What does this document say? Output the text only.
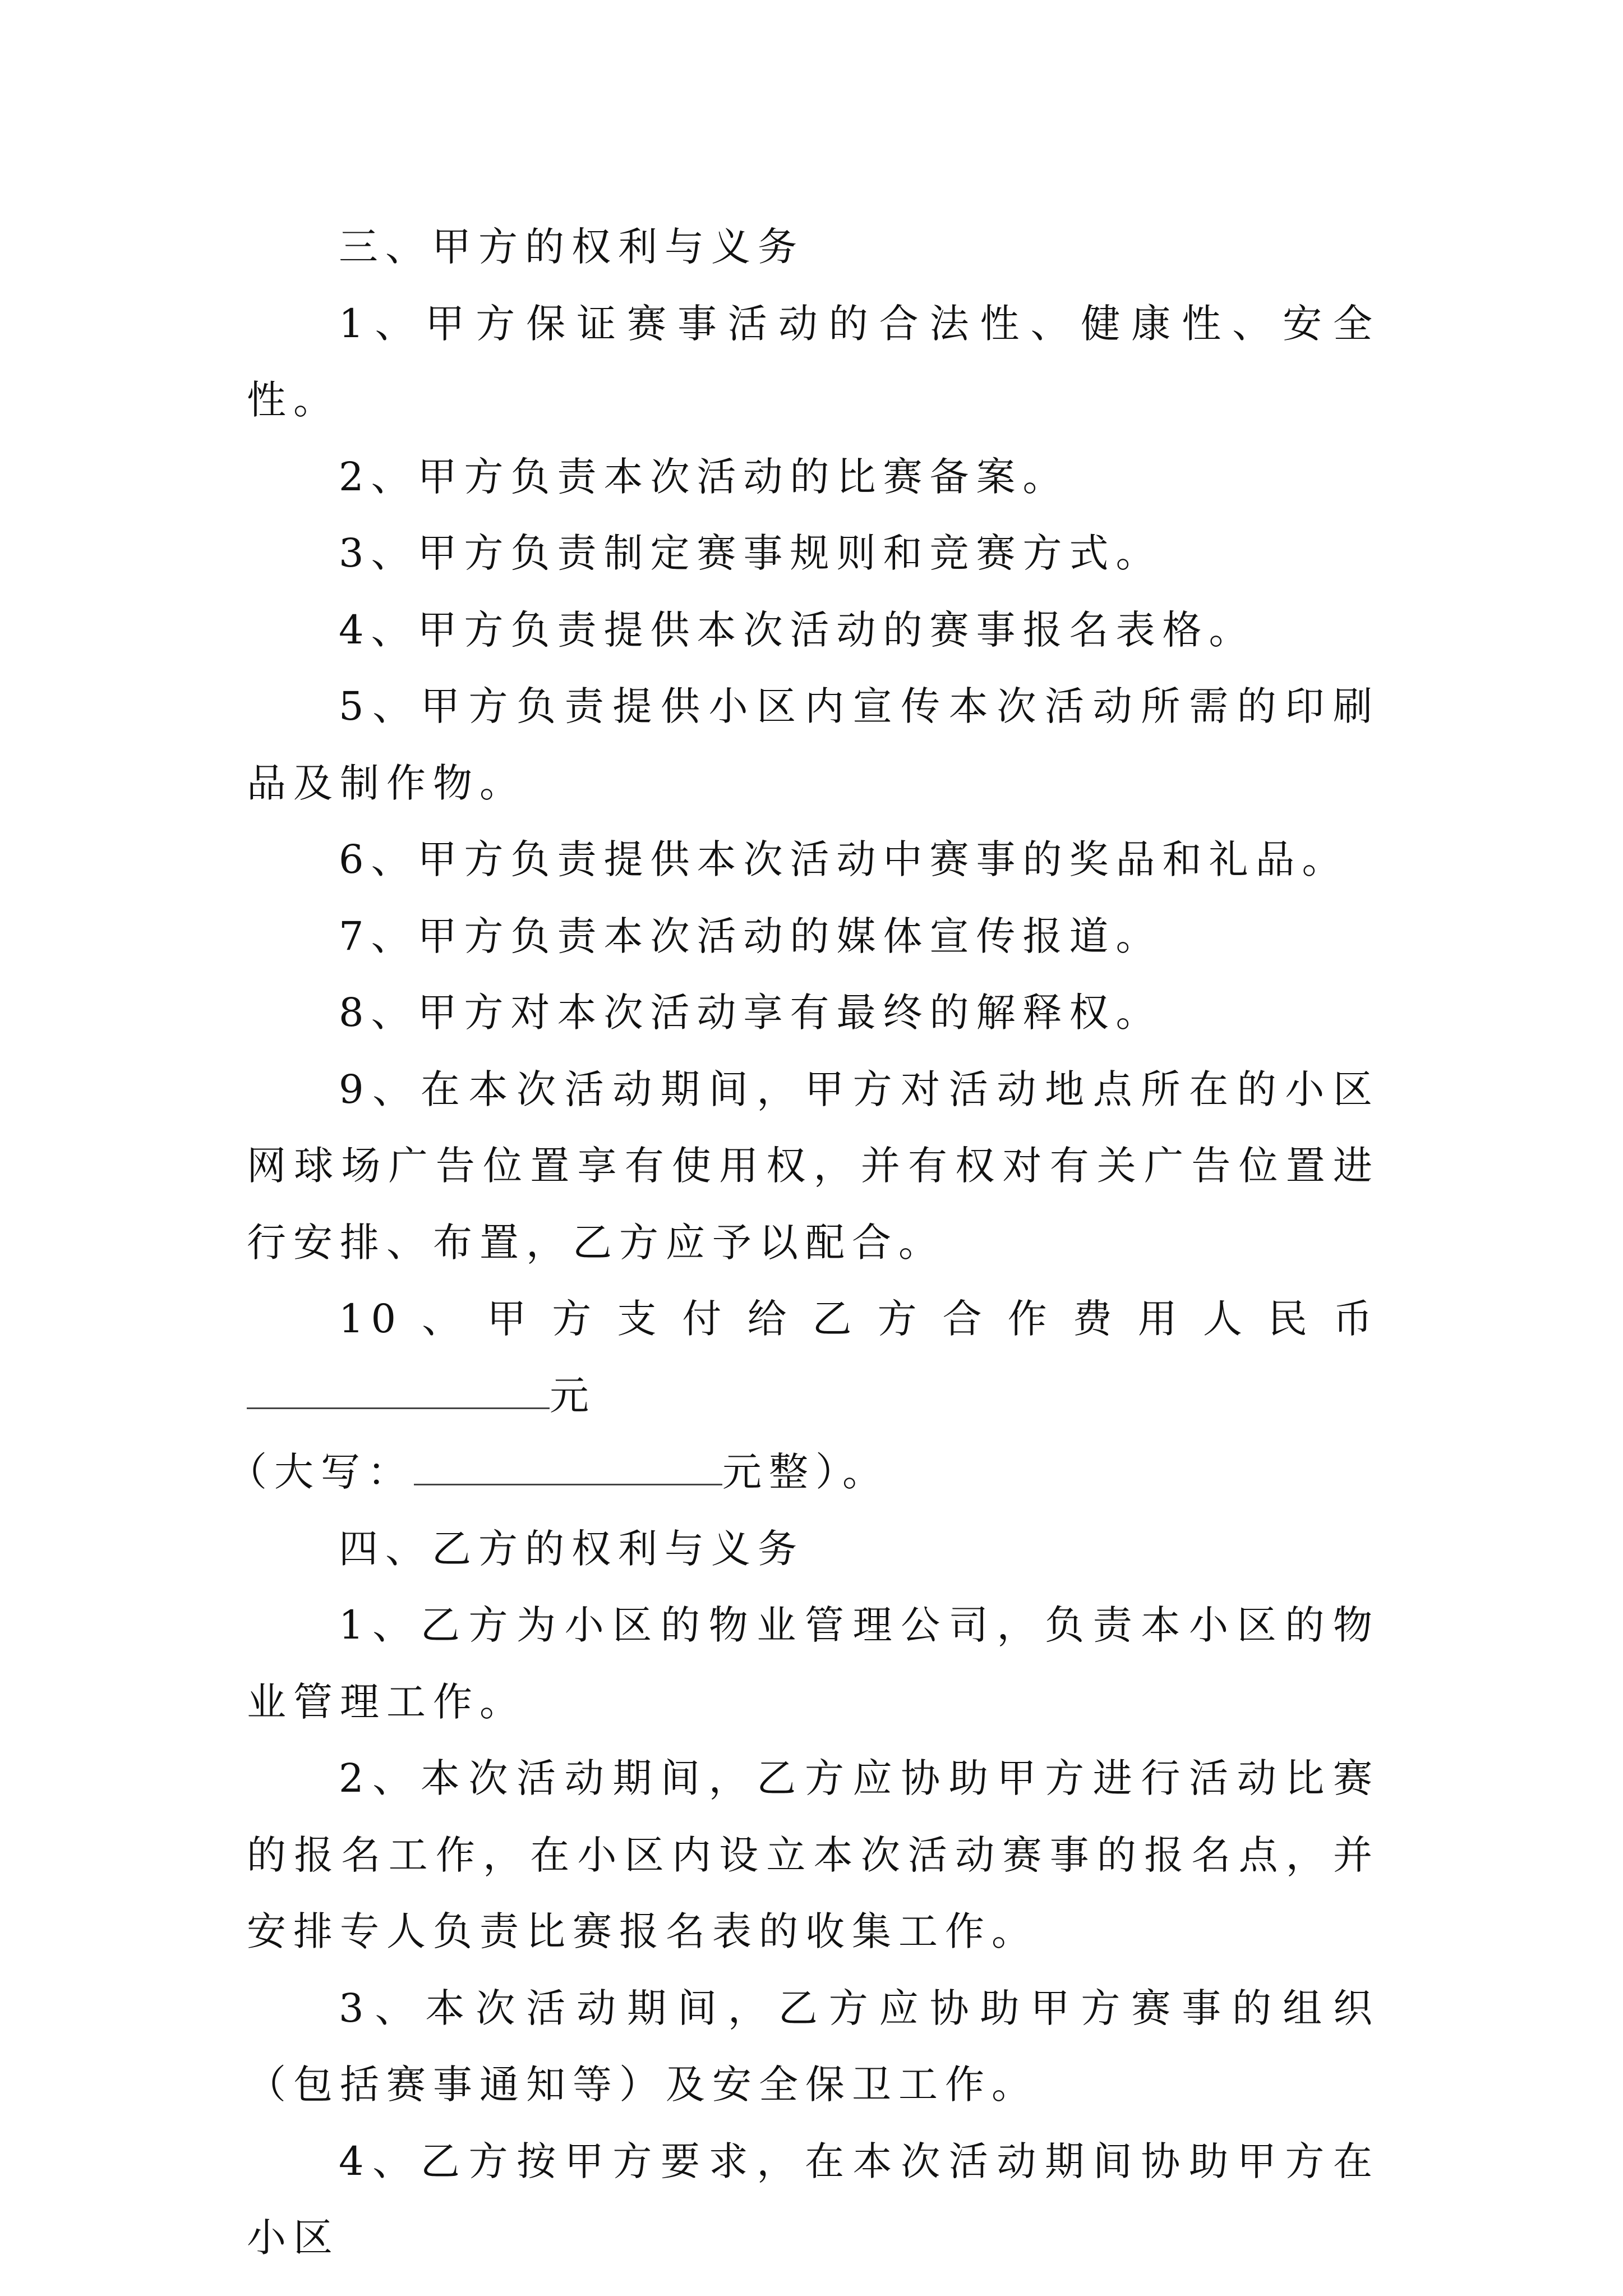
三、甲方的权利与义务

1、甲方保证赛事活动的合法性、健康性、安全性。

2、甲方负责本次活动的比赛备案。

3、甲方负责制定赛事规则和竞赛方式。

4、甲方负责提供本次活动的赛事报名表格。

5、甲方负责提供小区内宣传本次活动所需的印刷品及制作物。

6、甲方负责提供本次活动中赛事的奖品和礼品。

7、甲方负责本次活动的媒体宣传报道。

8、甲方对本次活动享有最终的解释权。

9、在本次活动期间，甲方对活动地点所在的小区网球场广告位置享有使用权，并有权对有关广告位置进行安排、布置，乙方应予以配合。

10、甲方支付给乙方合作费用人民币元

（大写：	元整）。

四、乙方的权利与义务

1、乙方为小区的物业管理公司，负责本小区的物业管理工作。

2、本次活动期间，乙方应协助甲方进行活动比赛的报名工作，在小区内设立本次活动赛事的报名点，并安排专人负责比赛报名表的收集工作。

3、本次活动期间，乙方应协助甲方赛事的组织（包括赛事通知等）及安全保卫工作。

4、乙方按甲方要求，在本次活动期间协助甲方在小区
